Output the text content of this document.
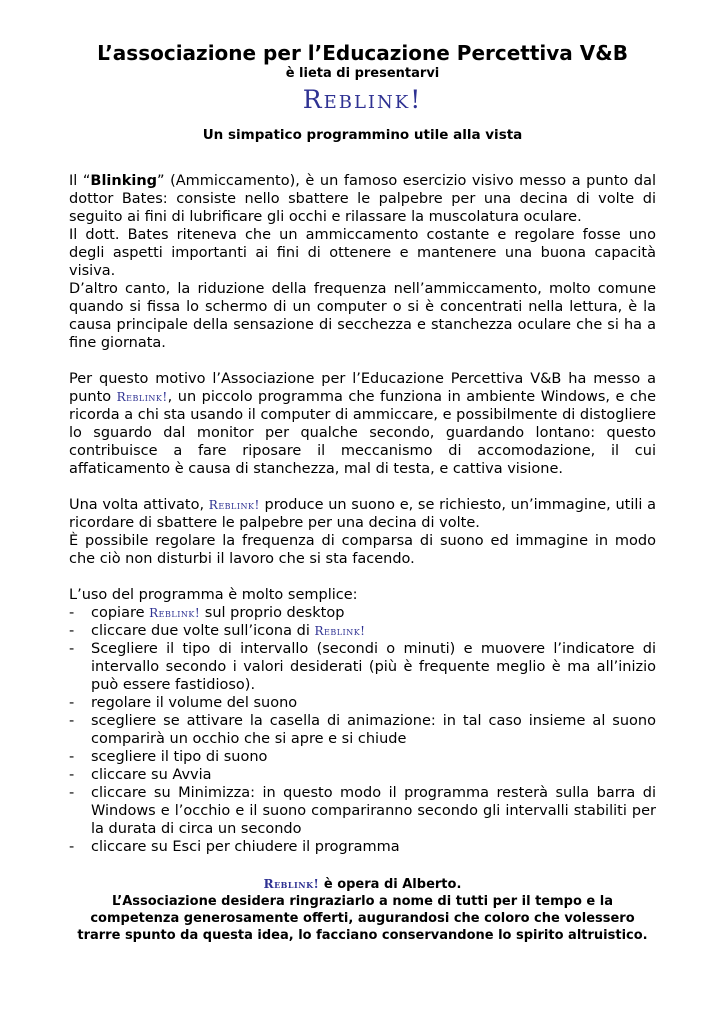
L’associazione per l’Educazione Percettiva V&B

è lieta di presentarvi

Reblink!

Un simpatico programmino utile alla vista

Il “Blinking” (Ammiccamento), è un famoso esercizio visivo messo a punto dal dottor Bates: consiste nello sbattere le palpebre per una decina di volte di seguito ai fini di lubrificare gli occhi e rilassare la muscolatura oculare.

Il dott. Bates riteneva che un ammiccamento costante e regolare fosse uno degli aspetti importanti ai fini di ottenere e mantenere una buona capacità visiva.

D’altro canto, la riduzione della frequenza nell’ammiccamento, molto comune quando si fissa lo schermo di un computer o si è concentrati nella lettura, è la causa principale della sensazione di secchezza e stanchezza oculare che si ha a fine giornata.

Per questo motivo l’Associazione per l’Educazione Percettiva V&B ha messo a punto Reblink!, un piccolo programma che funziona in ambiente Windows, e che ricorda a chi sta usando il computer di ammiccare, e possibilmente di distogliere lo sguardo dal monitor per qualche secondo, guardando lontano: questo contribuisce a fare riposare il meccanismo di accomodazione, il cui affaticamento è causa di stanchezza, mal di testa, e cattiva visione.

Una volta attivato, Reblink! produce un suono e, se richiesto, un’immagine, utili a ricordare di sbattere le palpebre per una decina di volte.

È possibile regolare la frequenza di comparsa di suono ed immagine in modo che ciò non disturbi il lavoro che si sta facendo.

L’uso del programma è molto semplice:

- copiare Reblink! sul proprio desktop
- cliccare due volte sull’icona di Reblink!
- Scegliere il tipo di intervallo (secondi o minuti) e muovere l’indicatore di intervallo secondo i valori desiderati (più è frequente meglio è ma all’inizio può essere fastidioso).
- regolare il volume del suono
- scegliere se attivare la casella di animazione: in tal caso insieme al suono comparirà un occhio che si apre e si chiude
- scegliere il tipo di suono
- cliccare su Avvia
- cliccare su Minimizza: in questo modo il programma resterà sulla barra di Windows e l’occhio e il suono compariranno secondo gli intervalli stabiliti per la durata di circa un secondo
- cliccare su Esci per chiudere il programma

Reblink! è opera di Alberto.

L’Associazione desidera ringraziarlo a nome di tutti per il tempo e la competenza generosamente offerti, augurandosi che coloro che volessero trarre spunto da questa idea, lo facciano conservandone lo spirito altruistico.
